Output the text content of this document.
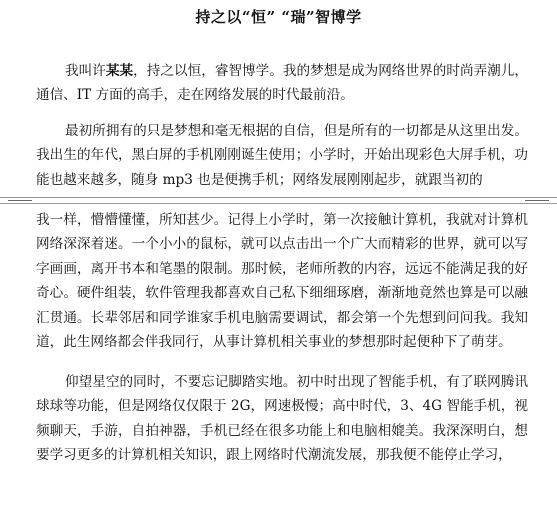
持之以“恒” “瑞”智博学

我叫许某某，持之以恒，睿智博学。我的梦想是成为网络世界的时尚弄潮儿，通信、IT 方面的高手，走在网络发展的时代最前沿。

最初所拥有的只是梦想和毫无根据的自信，但是所有的一切都是从这里出发。我出生的年代，黑白屏的手机刚刚诞生使用；小学时，开始出现彩色大屏手机，功能也越来越多，随身 mp3 也是便携手机；网络发展刚刚起步，就跟当初的

我一样，懵懵懂懂，所知甚少。记得上小学时，第一次接触计算机，我就对计算机网络深深着迷。一个小小的鼠标，就可以点击出一个广大而精彩的世界，就可以写字画画，离开书本和笔墨的限制。那时候，老师所教的内容，远远不能满足我的好奇心。硬件组装，软件管理我都喜欢自己私下细细琢磨，渐渐地竟然也算是可以融汇贯通。长辈邻居和同学谁家手机电脑需要调试，都会第一个先想到问问我。我知道，此生网络都会伴我同行，从事计算机相关事业的梦想那时起便种下了萌芽。

仰望星空的同时，不要忘记脚踏实地。初中时出现了智能手机，有了联网腾讯球球等功能，但是网络仅仅限于 2G，网速极慢；高中时代，3、4G 智能手机，视频聊天，手游，自拍神器，手机已经在很多功能上和电脑相媲美。我深深明白，想要学习更多的计算机相关知识，跟上网络时代潮流发展，那我便不能停止学习，
